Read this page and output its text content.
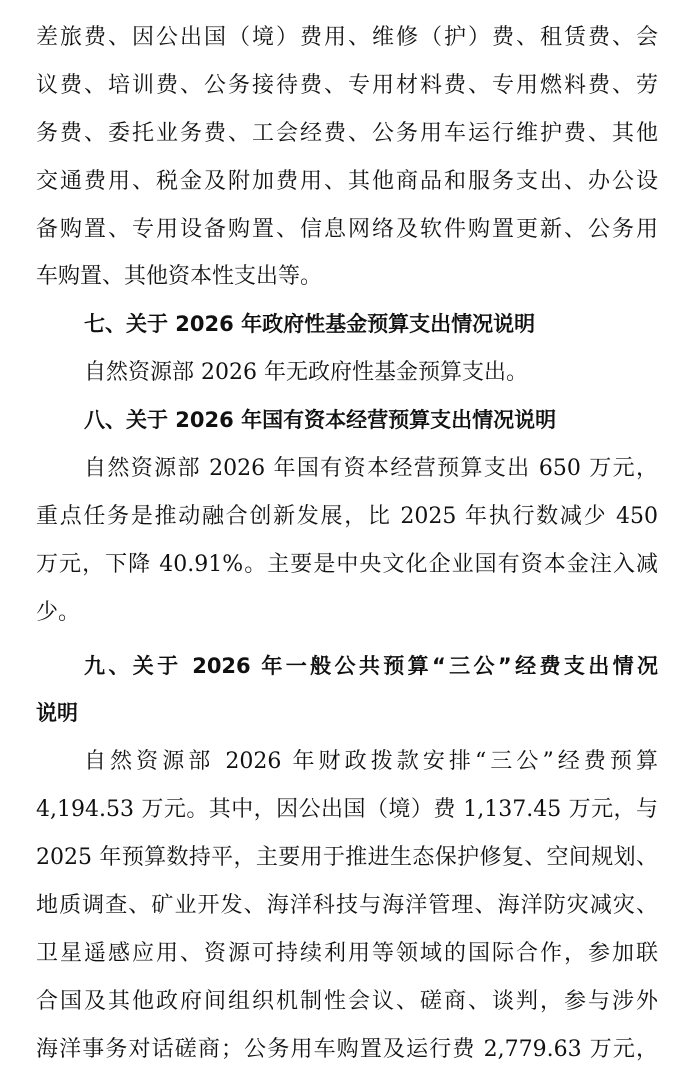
差旅费、因公出国（境）费用、维修（护）费、租赁费、会
议费、培训费、公务接待费、专用材料费、专用燃料费、劳
务费、委托业务费、工会经费、公务用车运行维护费、其他
交通费用、税金及附加费用、其他商品和服务支出、办公设
备购置、专用设备购置、信息网络及软件购置更新、公务用
车购置、其他资本性支出等。
七、关于 2026 年政府性基金预算支出情况说明
自然资源部 2026 年无政府性基金预算支出。
八、关于 2026 年国有资本经营预算支出情况说明
自然资源部 2026 年国有资本经营预算支出 650 万元，
重点任务是推动融合创新发展，比 2025 年执行数减少 450
万元，下降 40.91%。主要是中央文化企业国有资本金注入减
少。
九、关于 2026 年一般公共预算“三公”经费支出情况
说明
自然资源部 2026 年财政拨款安排“三公”经费预算
4,194.53 万元。其中，因公出国（境）费 1,137.45 万元，与
2025 年预算数持平，主要用于推进生态保护修复、空间规划、
地质调查、矿业开发、海洋科技与海洋管理、海洋防灾减灾、
卫星遥感应用、资源可持续利用等领域的国际合作，参加联
合国及其他政府间组织机制性会议、磋商、谈判，参与涉外
海洋事务对话磋商；公务用车购置及运行费 2,779.63 万元，
